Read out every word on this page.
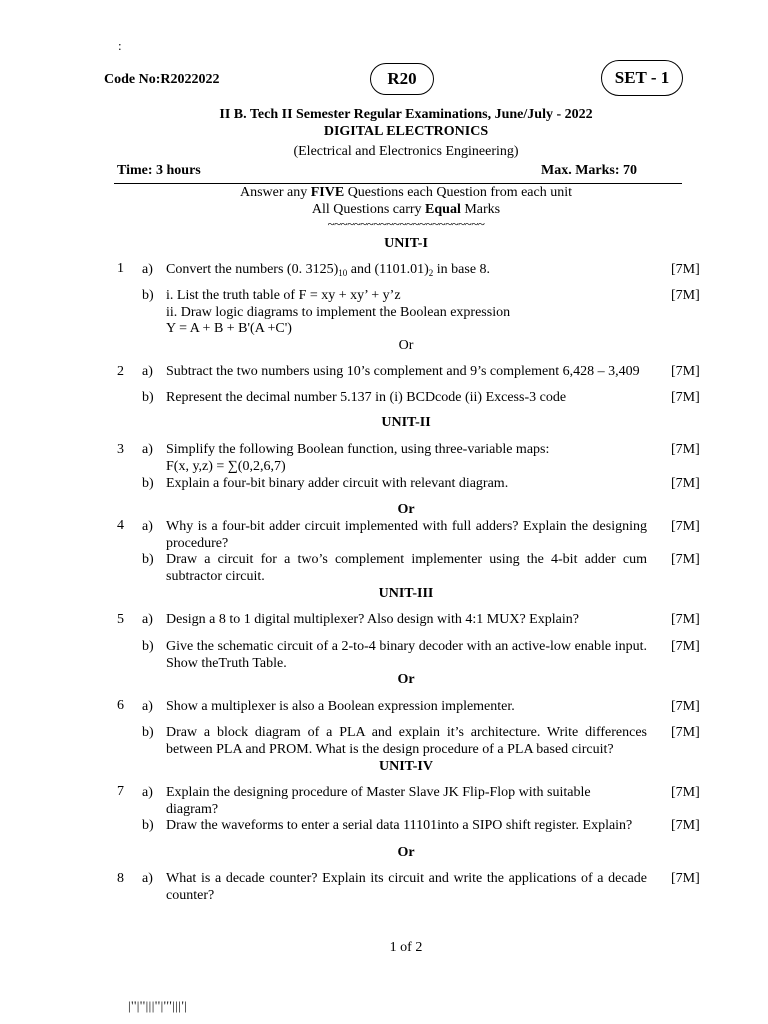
:
Code No:R2022022	R20	SET - 1
II B. Tech II Semester Regular Examinations, June/July - 2022
DIGITAL ELECTRONICS
(Electrical and Electronics Engineering)
Time: 3 hours	Max. Marks: 70
Answer any FIVE Questions each Question from each unit
All Questions carry Equal Marks
~~~~~~~~~~~~~~~~~~~~~~~~
UNIT-I
1 a) Convert the numbers (0. $3125)_{10}$ and $(1101.01)_2$ in base 8.	[7M]
b) i. List the truth table of F = xy + xy’ + y’z
ii. Draw logic diagrams to implement the Boolean expression
Y = A + B + B'(A +C')
[7M]
Or
2 a) Subtract the two numbers using 10’s complement and 9’s complement 6,428 – 3,409	[7M]
b) Represent the decimal number 5.137 in (i) BCDcode (ii) Excess-3 code	[7M]
UNIT-II
3 a) Simplify the following Boolean function, using three-variable maps:
F(x, y,z) = ∑(0,2,6,7)
[7M]
b) Explain a four-bit binary adder circuit with relevant diagram.	[7M]
Or
4 a) Why is a four-bit adder circuit implemented with full adders? Explain the designing procedure?
[7M]
b) Draw a circuit for a two’s complement implementer using the 4-bit adder cum subtractor circuit.
[7M]
UNIT-III
5 a) Design a 8 to 1 digital multiplexer? Also design with 4:1 MUX? Explain?	[7M]
b) Give the schematic circuit of a 2-to-4 binary decoder with an active-low enable input. Show theTruth Table.
[7M]
Or
6 a) Show a multiplexer is also a Boolean expression implementer.	[7M]
b) Draw a block diagram of a PLA and explain it’s architecture. Write differences between PLA and PROM. What is the design procedure of a PLA based circuit?
[7M]
UNIT-IV
7 a) Explain the designing procedure of Master Slave JK Flip-Flop with suitable
diagram?
[7M]
b) Draw the waveforms to enter a serial data 11101into a SIPO shift register. Explain?	[7M]
Or
8 a) What is a decade counter? Explain its circuit and write the applications of a decade counter?
[7M]
1 of 2
|''|''|||''|'''|||'|
